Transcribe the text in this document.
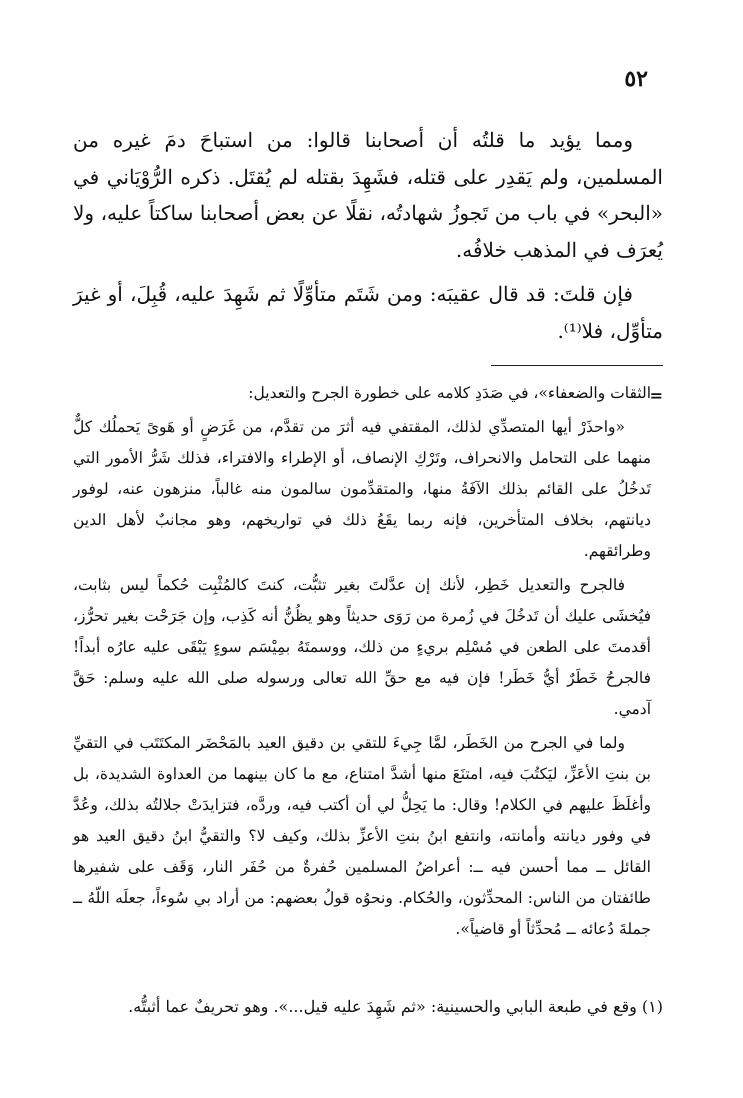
٥٢

ومما يؤيد ما قلتُه أن أصحابنا قالوا: من استباحَ دمَ غيره من المسلمين، ولم يَقدِر على قتله، فشَهِدَ بقتله لم يُقتَل. ذكره الرُّوْيَاني في «البحر» في باب من تَجوزُ شهادتُه، نقلًا عن بعض أصحابنا ساكتاً عليه، ولا يُعرَف في المذهب خلافُه.

فإن قلتَ: قد قال عقيبَه: ومن شَتَم متأوِّلًا ثم شَهِدَ عليه، قُبِلَ، أو غيرَ متأوِّل، فلا⁽¹⁾.

=

الثقات والضعفاء»، في صَدَدِ كلامه على خطورة الجرح والتعديل:

«واحذَرْ أيها المتصدِّي لذلك، المقتفي فيه أثرَ من تقدَّم، من غَرَضٍ أو هَوىً يَحملُك كلٌّ منهما على التحامل والانحراف، وتَرْكِ الإنصاف، أو الإطراء والافتراء، فذلك شَرُّ الأمور التي تَدخُلُ على القائم بذلك الآفَةُ منها، والمتقدِّمون سالمون منه غالباً، منزهون عنه، لوفور ديانتهم، بخلاف المتأخرين، فإنه ربما يقَعُ ذلك في تواريخهم، وهو مجانبٌ لأهل الدين وطرائقهم.

فالجرح والتعديل خَطِر، لأنك إن عدَّلتَ بغير تثبُّت، كنتَ كالمُثْبِت حُكماً ليس بثابت، فيُخشَى عليك أن تَدخُلَ في زُمرة من رَوَى حديثاً وهو يظُنُّ أنه كَذِب، وإن جَرَحْت بغير تحرُّز، أقدمتَ على الطعن في مُسْلِم بريءٍ من ذلك، ووسمتَهُ بمِيْسَم سوءٍ يَبْقَى عليه عارُه أبداً! فالجرحُ خَطَرٌ أيُّ خَطَر! فإن فيه مع حقِّ الله تعالى ورسوله صلى الله عليه وسلم: حَقَّ آدمي.

ولما في الجرح من الخَطَر، لمَّا جِيءَ للتقي بن دقيق العيد بالمَحْضَر المكتَتَب في التقيِّ بن بنتِ الأعَزِّ، ليَكتُبَ فيه، امتنَعَ منها أشدَّ امتناع، مع ما كان بينهما من العداوة الشديدة، بل وأغلَظَ عليهم في الكلام! وقال: ما يَحِلُّ لي أن أكتب فيه، وردَّه، فتزايدَتْ جلالتُه بذلك، وعُدَّ في وفور ديانته وأمانته، وانتفع ابنُ بنتِ الأعزِّ بذلك، وكيف لا؟ والتقيُّ ابنُ دقيق العيد هو القائل ــ مما أحسن فيه ــ: أعراضُ المسلمين حُفرةٌ من حُفَر النار، وَقَف على شفيرها طائفتان من الناس: المحدِّثون، والحُكام. ونحوُه قولُ بعضهم: من أراد بي سُوءاً، جعلَه اللّهُ ــ جملةَ دُعائه ــ مُحدِّثاً أو قاضياً».

(١) وقع في طبعة البابي والحسينية: «ثم شَهِدَ عليه قيل...». وهو تحريفٌ عما أثبتُّه.
